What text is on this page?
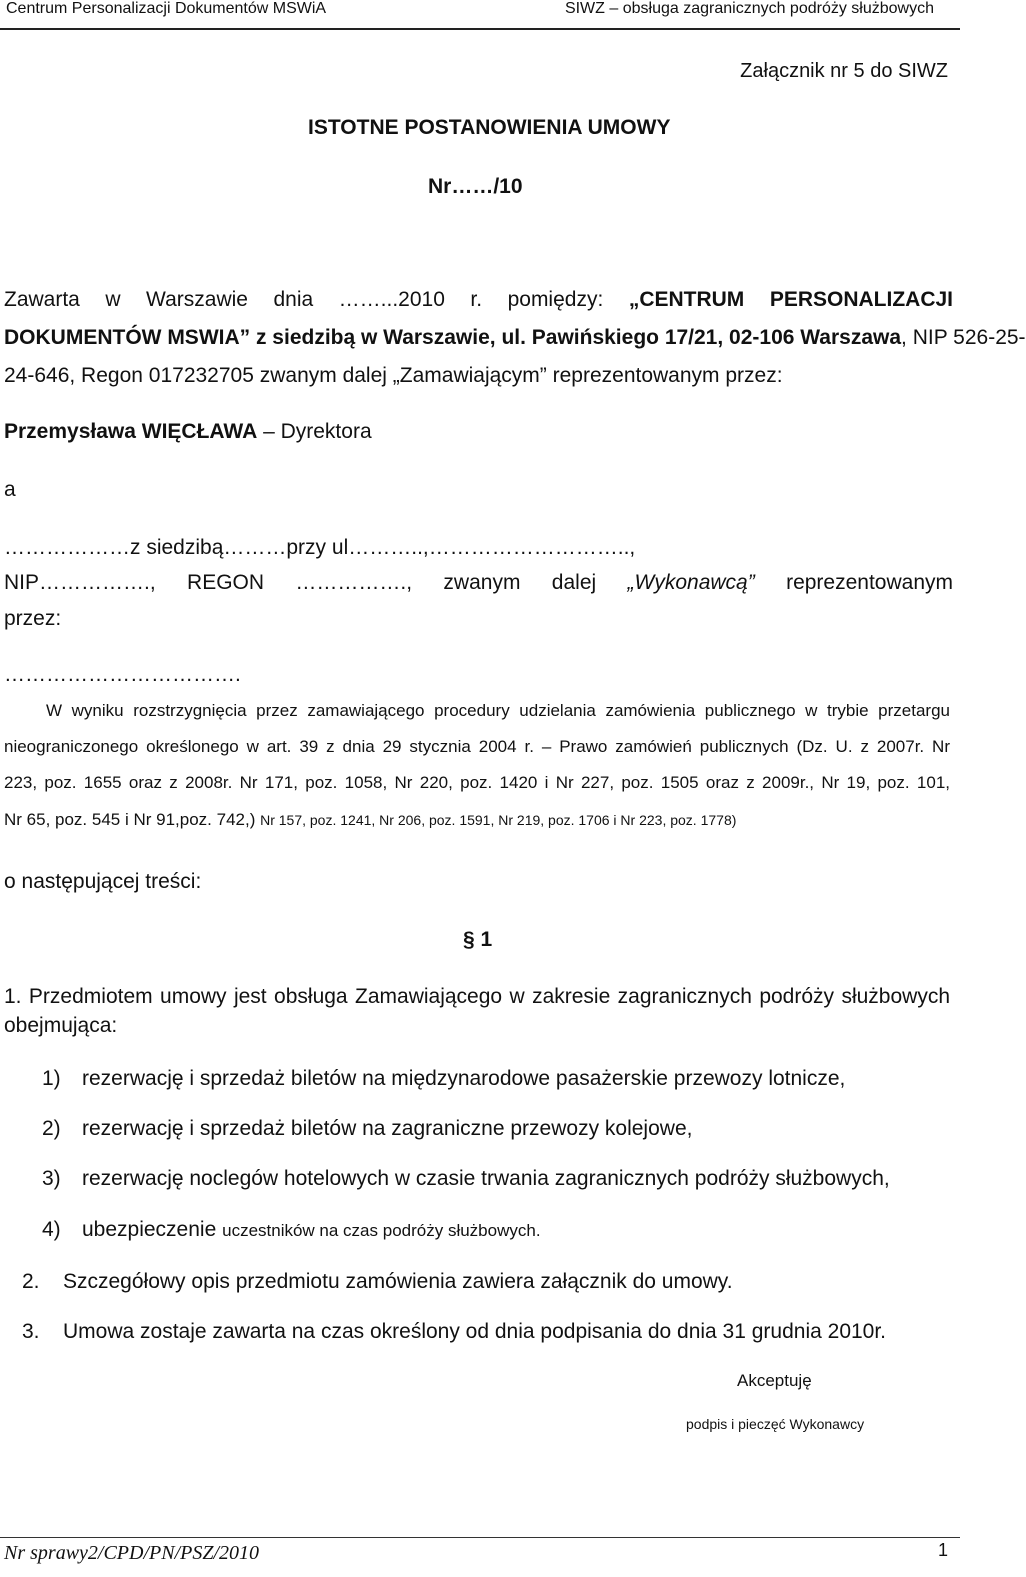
Centrum Personalizacji Dokumentów MSWiA	SIWZ – obsługa zagranicznych podróży służbowych
Załącznik nr 5 do SIWZ
ISTOTNE POSTANOWIENIA UMOWY
Nr……/10
Zawarta w Warszawie dnia ……...2010 r. pomiędzy: „CENTRUM PERSONALIZACJI
DOKUMENTÓW MSWIA” z siedzibą w Warszawie, ul. Pawińskiego 17/21, 02-106 Warszawa, NIP 526-25-
24-646, Regon 017232705 zwanym dalej „Zamawiającym” reprezentowanym przez:
Przemysława WIĘCŁAWA – Dyrektora
a
………………z siedzibą………przy ul………..,………………………..,
NIP……………., REGON ……………., zwanym dalej „Wykonawcą” reprezentowanym
przez:
…………………………….
W wyniku rozstrzygnięcia przez zamawiającego procedury udzielania zamówienia publicznego w trybie przetargu
nieograniczonego określonego w art. 39 z dnia 29 stycznia 2004 r. – Prawo zamówień publicznych (Dz. U. z 2007r. Nr
223, poz. 1655 oraz z 2008r. Nr 171, poz. 1058, Nr 220, poz. 1420 i Nr 227, poz. 1505 oraz z 2009r., Nr 19, poz. 101,
Nr 65, poz. 545 i Nr 91,poz. 742,) Nr 157, poz. 1241, Nr 206, poz. 1591, Nr 219, poz. 1706 i Nr 223, poz. 1778)
o następującej treści:
§ 1
1. Przedmiotem umowy jest obsługa Zamawiającego w zakresie zagranicznych podróży służbowych
obejmująca:
1) rezerwację i sprzedaż biletów na międzynarodowe pasażerskie przewozy lotnicze,
2) rezerwację i sprzedaż biletów na zagraniczne przewozy kolejowe,
3) rezerwację noclegów hotelowych w czasie trwania zagranicznych podróży służbowych,
4) ubezpieczenie uczestników na czas podróży służbowych.
2. Szczegółowy opis przedmiotu zamówienia zawiera załącznik do umowy.
3. Umowa zostaje zawarta na czas określony od dnia podpisania do dnia 31 grudnia 2010r.
Akceptuję
podpis i pieczęć Wykonawcy
Nr sprawy2/CPD/PN/PSZ/2010	1
